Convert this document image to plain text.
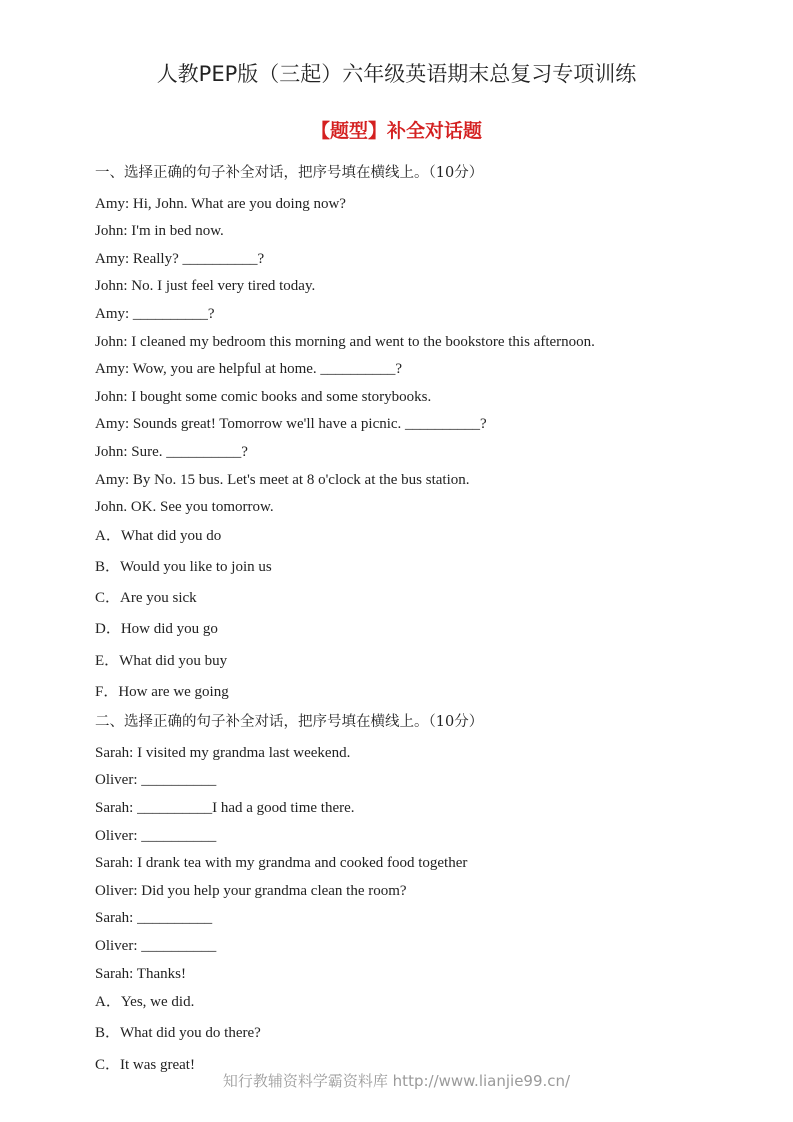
人教PEP版（三起）六年级英语期末总复习专项训练
【题型】补全对话题
一、选择正确的句子补全对话，把序号填在横线上。（10分）
Amy: Hi, John. What are you doing now?
John: I'm in bed now.
Amy: Really? __________?
John: No. I just feel very tired today.
Amy: __________?
John: I cleaned my bedroom this morning and went to the bookstore this afternoon.
Amy: Wow, you are helpful at home. __________?
John: I bought some comic books and some storybooks.
Amy: Sounds great! Tomorrow we'll have a picnic. __________?
John: Sure. __________?
Amy: By No. 15 bus. Let's meet at 8 o'clock at the bus station.
John. OK. See you tomorrow.
A．What did you do
B．Would you like to join us
C．Are you sick
D．How did you go
E．What did you buy
F．How are we going
二、选择正确的句子补全对话，把序号填在横线上。（10分）
Sarah: I visited my grandma last weekend.
Oliver: __________
Sarah: __________I had a good time there.
Oliver: __________
Sarah: I drank tea with my grandma and cooked food together
Oliver: Did you help your grandma clean the room?
Sarah: __________
Oliver: __________
Sarah: Thanks!
A．Yes, we did.
B．What did you do there?
C．It was great!
知行教辅资料学霸资料库 http://www.lianjie99.cn/
